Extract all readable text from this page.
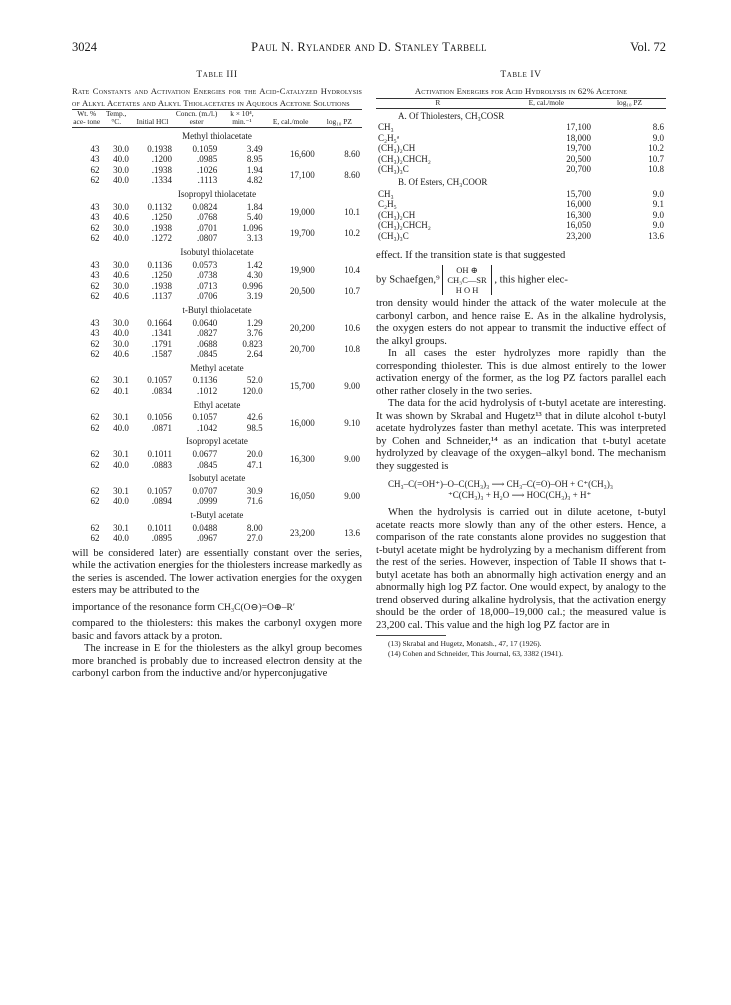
3024	Paul N. Rylander and D. Stanley Tarbell	Vol. 72
Table III
Rate Constants and Activation Energies for the Acid-Catalyzed Hydrolysis of Alkyl Acetates and Alkyl Thiolacetates in Aqueous Acetone Solutions
Wt. % ace- tone	Temp., °C.	Initial HCl	Concn. (m./l.) ester	k × 10⁴, min.⁻¹	E, cal./mole	log₁₀ PZ
Methyl thiolacetate						
43	30.0	0.1938	0.1059	3.49	16,600	8.60
43	40.0	.1200	.0985	8.95		
62	30.0	.1938	.1026	1.94	17,100	8.60
62	40.0	.1334	.1113	4.82		
Isopropyl thiolacetate						
43	30.0	0.1132	0.0824	1.84	19,000	10.1
43	40.6	.1250	.0768	5.40		
62	30.0	.1938	.0701	1.096	19,700	10.2
62	40.0	.1272	.0807	3.13		
Isobutyl thiolacetate						
43	30.0	0.1136	0.0573	1.42	19,900	10.4
43	40.6	.1250	.0738	4.30		
62	30.0	.1938	.0713	0.996	20,500	10.7
62	40.6	.1137	.0706	3.19		
t-Butyl thiolacetate						
43	30.0	0.1664	0.0640	1.29	20,200	10.6
43	40.0	.1341	.0827	3.76		
62	30.0	.1791	.0688	0.823	20,700	10.8
62	40.6	.1587	.0845	2.64		
Methyl acetate						
62	30.1	0.1057	0.1136	52.0	15,700	9.00
62	40.1	.0834	.1012	120.0		
Ethyl acetate						
62	30.1	0.1056	0.1057	42.6	16,000	9.10
62	40.0	.0871	.1042	98.5		
Isopropyl acetate						
62	30.1	0.1011	0.0677	20.0	16,300	9.00
62	40.0	.0883	.0845	47.1		
Isobutyl acetate						
62	30.1	0.1057	0.0707	30.9	16,050	9.00
62	40.0	.0894	.0999	71.6		
t-Butyl acetate						
62	30.1	0.1011	0.0488	8.00	23,200	13.6
62	40.0	.0895	.0967	27.0		

will be considered later) are essentially constant over the series, while the activation energies for the thiolesters increase markedly as the series is ascended. The lower activation energies for the oxygen esters may be attributed to the

importance of the resonance form CH₃C(O⊖)=O⊕–R′

compared to the thiolesters: this makes the carbonyl oxygen more basic and favors attack by a proton.

The increase in E for the thiolesters as the alkyl group becomes more branched is probably due to increased electron density at the carbonyl carbon from the inductive and/or hyperconjugative

Table IV
Activation Energies for Acid Hydrolysis in 62% Acetone
R	E, cal./mole	log₁₀ PZ
A. Of Thiolesters, CH₃COSR		
CH₃	17,100	8.6
C₂H₅ᵃ	18,000	9.0
(CH₃)₂CH	19,700	10.2
(CH₃)₂CHCH₂	20,500	10.7
(CH₃)₃C	20,700	10.8
B. Of Esters, CH₃COOR		
CH₃	15,700	9.0
C₂H₅	16,000	9.1
(CH₃)₂CH	16,300	9.0
(CH₃)₂CHCH₂	16,050	9.0
(CH₃)₃C	23,200	13.6

effect. If the transition state is that suggested

by Schaefgen,⁹
OH ⊕
CH₃C—SR
H O H
, this higher elec-

tron density would hinder the attack of the water molecule at the carbonyl carbon, and hence raise E. As in the alkaline hydrolysis, the oxygen esters do not appear to transmit the inductive effect of the alkyl groups.

In all cases the ester hydrolyzes more rapidly than the corresponding thiolester. This is due almost entirely to the lower activation energy of the former, as the log PZ factors parallel each other rather closely in the two series.

The data for the acid hydrolysis of t-butyl acetate are interesting. It was shown by Skrabal and Hugetz¹³ that in dilute alcohol t-butyl acetate hydrolyzes faster than methyl acetate. This was interpreted by Cohen and Schneider,¹⁴ as an indication that t-butyl acetate hydrolyzed by cleavage of the oxygen–alkyl bond. The mechanism they suggested is

CH₃–C(=OH⁺)–O–C(CH₃)₃ ⟶ CH₃–C(=O)–OH + C⁺(CH₃)₃
⁺C(CH₃)₃ + H₂O ⟶ HOC(CH₃)₃ + H⁺

When the hydrolysis is carried out in dilute acetone, t-butyl acetate reacts more slowly than any of the other esters. Hence, a comparison of the rate constants alone provides no suggestion that t-butyl acetate might be hydrolyzing by a mechanism different from the rest of the series. However, inspection of Table II shows that t-butyl acetate has both an abnormally high activation energy and an abnormally high log PZ factor. One would expect, by analogy to the trend observed during alkaline hydrolysis, that the activation energy should be the order of 18,000–19,000 cal.; the measured value is 23,200 cal. This value and the high log PZ factor are in

(13) Skrabal and Hugetz, Monatsh., 47, 17 (1926).
(14) Cohen and Schneider, This Journal, 63, 3382 (1941).
